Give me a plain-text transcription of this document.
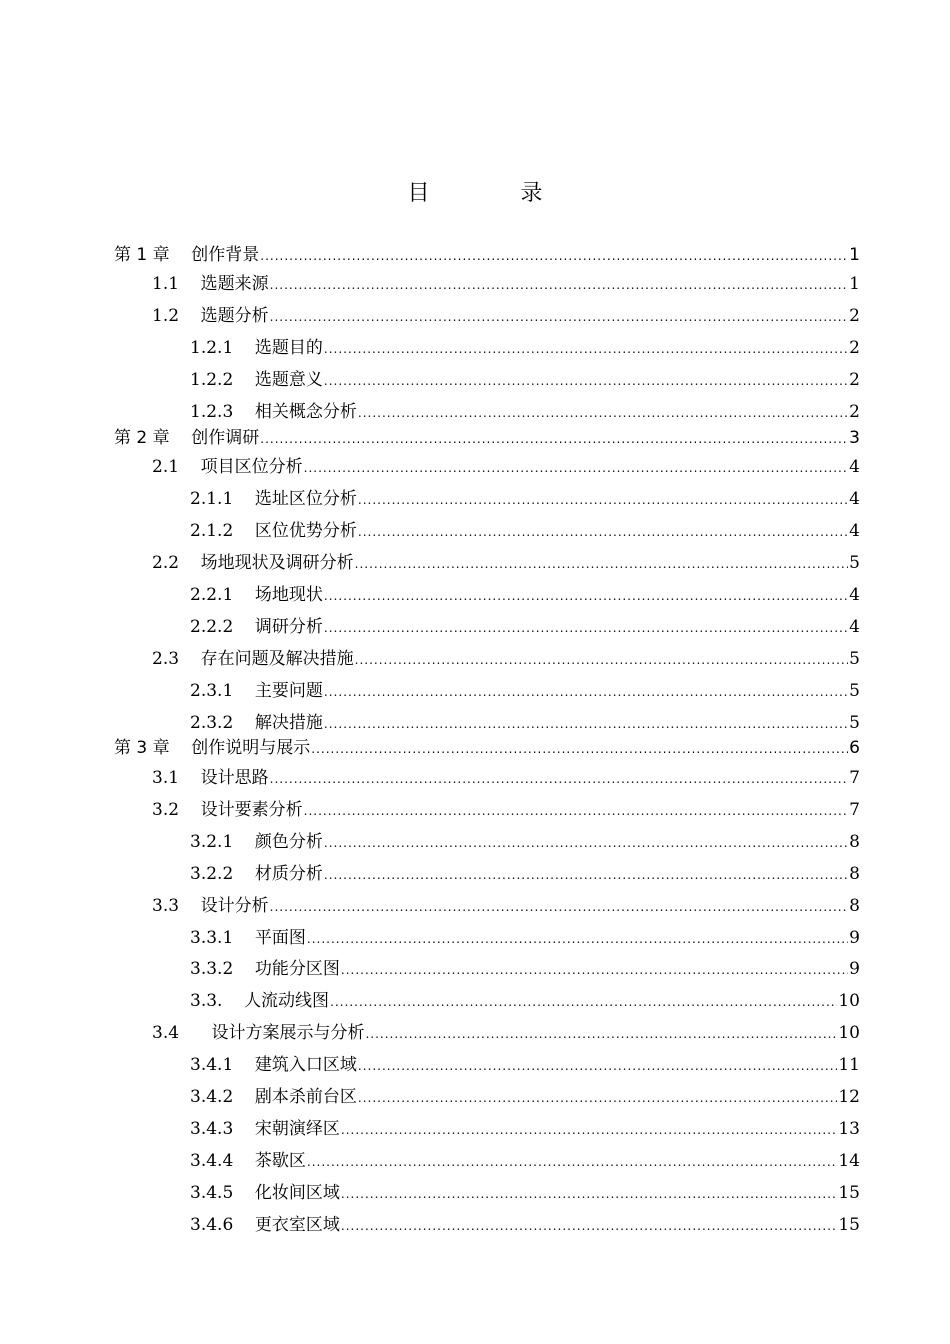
目 录
第 1 章 创作背景 .....	1
1.1 选题来源 .....	1
1.2 选题分析 .....	2
1.2.1 选题目的 .....	2
1.2.2 选题意义 .....	2
1.2.3 相关概念分析 .....	2
第 2 章 创作调研 .....	3
2.1 项目区位分析 .....	4
2.1.1 选址区位分析 .....	4
2.1.2 区位优势分析 .....	4
2.2 场地现状及调研分析 .....	5
2.2.1 场地现状 .....	4
2.2.2 调研分析 .....	4
2.3 存在问题及解决措施 .....	5
2.3.1 主要问题 .....	5
2.3.2 解决措施 .....	5
第 3 章 创作说明与展示 .....	6
3.1 设计思路 .....	7
3.2 设计要素分析 .....	7
3.2.1 颜色分析 .....	8
3.2.2 材质分析 .....	8
3.3 设计分析 .....	8
3.3.1 平面图 .....	9
3.3.2 功能分区图 .....	9
3.3. 人流动线图 .....	10
3.4 设计方案展示与分析 .....	10
3.4.1 建筑入口区域 .....	11
3.4.2 剧本杀前台区 .....	12
3.4.3 宋朝演绎区 .....	13
3.4.4 茶歇区 .....	14
3.4.5 化妆间区域 .....	15
3.4.6 更衣室区域 .....	15
